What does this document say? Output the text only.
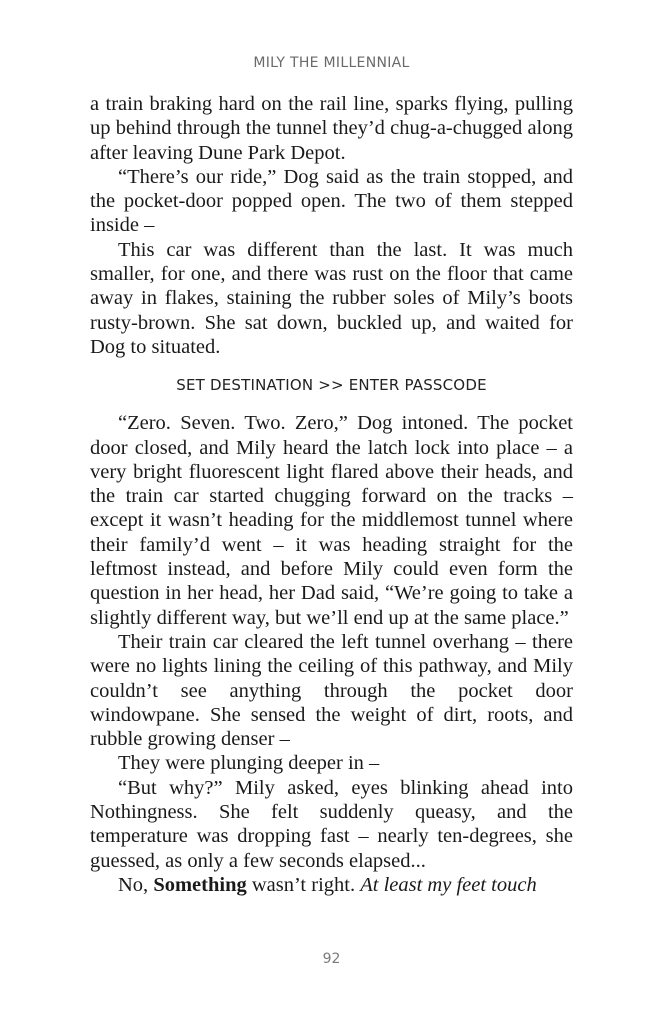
MILY THE MILLENNIAL

a train braking hard on the rail line, sparks flying, pulling up behind through the tunnel they’d chug-a-chugged along after leaving Dune Park Depot.

“There’s our ride,” Dog said as the train stopped, and the pocket-door popped open. The two of them stepped inside –

This car was different than the last. It was much smaller, for one, and there was rust on the floor that came away in flakes, staining the rubber soles of Mily’s boots rusty-brown. She sat down, buckled up, and waited for Dog to situated.

SET DESTINATION >> ENTER PASSCODE

“Zero. Seven. Two. Zero,” Dog intoned. The pocket door closed, and Mily heard the latch lock into place – a very bright fluorescent light flared above their heads, and the train car started chugging forward on the tracks – except it wasn’t heading for the middlemost tunnel where their family’d went – it was heading straight for the leftmost instead, and before Mily could even form the question in her head, her Dad said, “We’re going to take a slightly different way, but we’ll end up at the same place.”

Their train car cleared the left tunnel overhang – there were no lights lining the ceiling of this pathway, and Mily couldn’t see anything through the pocket door windowpane. She sensed the weight of dirt, roots, and rubble growing denser –

They were plunging deeper in –

“But why?” Mily asked, eyes blinking ahead into Nothingness. She felt suddenly queasy, and the temperature was dropping fast – nearly ten-degrees, she guessed, as only a few seconds elapsed...

No, Something wasn’t right. At least my feet touch

92
